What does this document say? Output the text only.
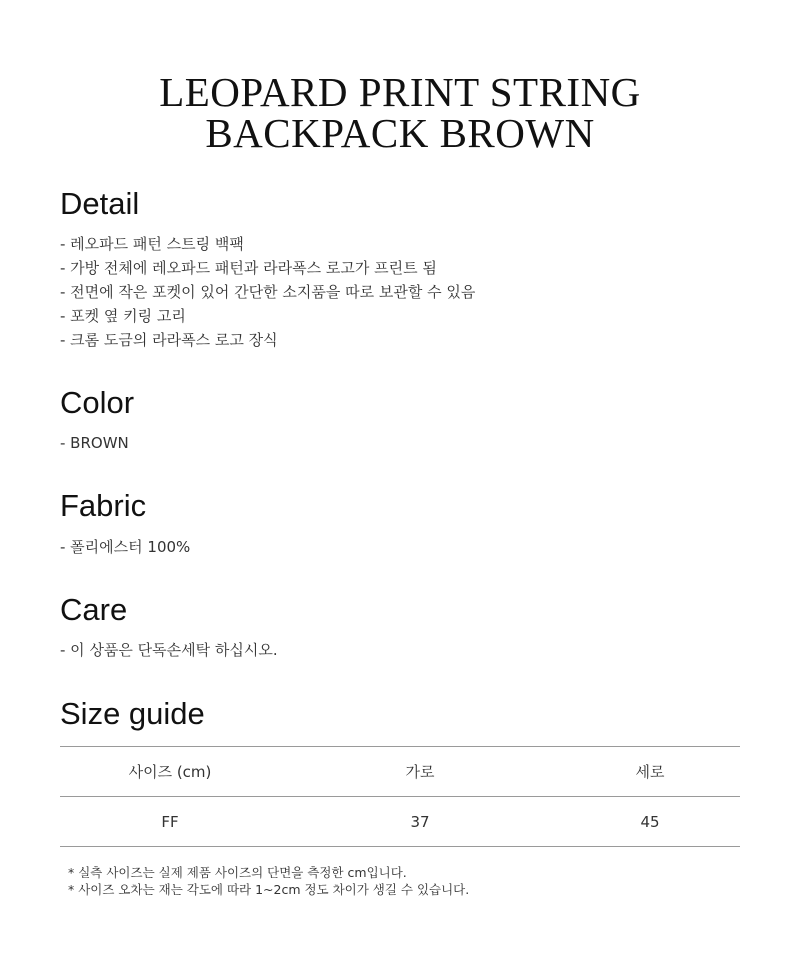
LEOPARD PRINT STRING
BACKPACK BROWN
Detail
- 레오파드 패턴 스트링 백팩
- 가방 전체에 레오파드 패턴과 라라폭스 로고가 프린트 됨
- 전면에 작은 포켓이 있어 간단한 소지품을 따로 보관할 수 있음
- 포켓 옆 키링 고리
- 크롬 도금의 라라폭스 로고 장식
Color
- BROWN
Fabric
- 폴리에스터 100%
Care
- 이 상품은 단독손세탁 하십시오.
Size guide
사이즈 (cm)	가로	세로
FF	37	45
* 실측 사이즈는 실제 제품 사이즈의 단면을 측정한 cm입니다.
* 사이즈 오차는 재는 각도에 따라 1~2cm 정도 차이가 생길 수 있습니다.
